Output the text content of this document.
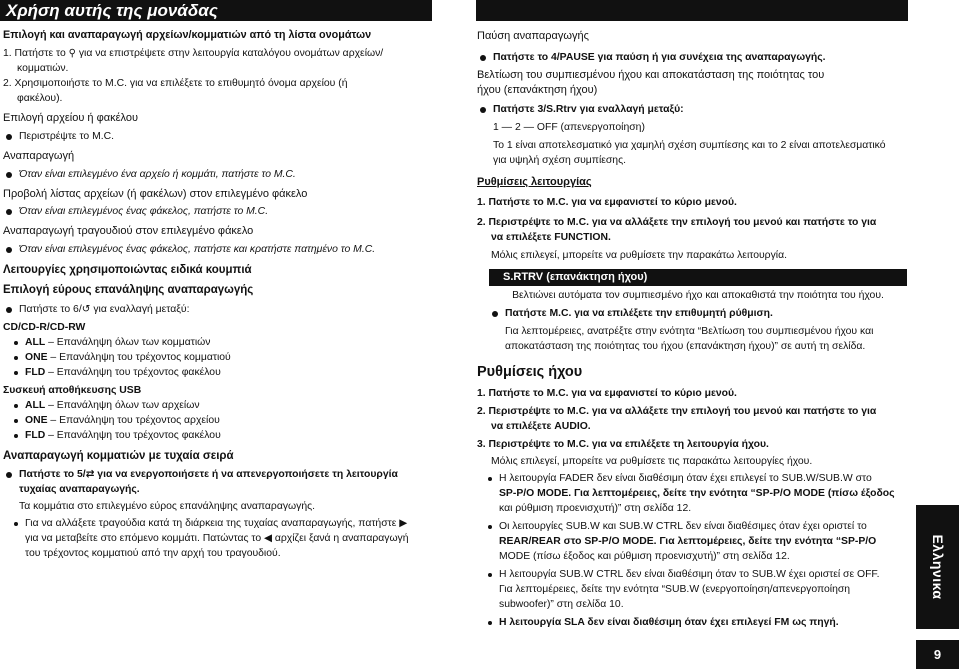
Χρήση αυτής της μονάδας
Επιλογή και αναπαραγωγή αρχείων/κομματιών από τη λίστα ονομάτων
1. Πατήστε το ⚲ για να επιστρέψετε στην λειτουργία καταλόγου ονομάτων αρχείων/
κομματιών.
2. Χρησιμοποιήστε το M.C. για να επιλέξετε το επιθυμητό όνομα αρχείου (ή
φακέλου).
Επιλογή αρχείου ή φακέλου
Περιστρέψτε το M.C.
Αναπαραγωγή
Όταν είναι επιλεγμένο ένα αρχείο ή κομμάτι, πατήστε το M.C.
Προβολή λίστας αρχείων (ή φακέλων) στον επιλεγμένο φάκελο
Όταν είναι επιλεγμένος ένας φάκελος, πατήστε το M.C.
Αναπαραγωγή τραγουδιού στον επιλεγμένο φάκελο
Όταν είναι επιλεγμένος ένας φάκελος, πατήστε και κρατήστε πατημένο το M.C.
Λειτουργίες χρησιμοποιώντας ειδικά κουμπιά
Επιλογή εύρους επανάληψης αναπαραγωγής
Πατήστε το 6/↺ για εναλλαγή μεταξύ:
CD/CD-R/CD-RW
ALL – Επανάληψη όλων των κομματιών
ONE – Επανάληψη του τρέχοντος κομματιού
FLD – Επανάληψη του τρέχοντος φακέλου
Συσκευή αποθήκευσης USB
ALL – Επανάληψη όλων των αρχείων
ONE – Επανάληψη του τρέχοντος αρχείου
FLD – Επανάληψη του τρέχοντος φακέλου
Αναπαραγωγή κομματιών με τυχαία σειρά
Πατήστε το 5/⇄ για να ενεργοποιήσετε ή να απενεργοποιήσετε τη λειτουργία
τυχαίας αναπαραγωγής.
Τα κομμάτια στο επιλεγμένο εύρος επανάληψης αναπαραγωγής.
Για να αλλάξετε τραγούδια κατά τη διάρκεια της τυχαίας αναπαραγωγής, πατήστε ▶
για να μεταβείτε στο επόμενο κομμάτι. Πατώντας το ◀ αρχίζει ξανά η αναπαραγωγή
του τρέχοντος κομματιού από την αρχή του τραγουδιού.
Παύση αναπαραγωγής
Πατήστε το 4/PAUSE για παύση ή για συνέχεια της αναπαραγωγής.
Βελτίωση του συμπιεσμένου ήχου και αποκατάσταση της ποιότητας του
ήχου (επανάκτηση ήχου)
Πατήστε 3/S.Rtrv για εναλλαγή μεταξύ:
1 — 2 — OFF (απενεργοποίηση)
Το 1 είναι αποτελεσματικό για χαμηλή σχέση συμπίεσης και το 2 είναι αποτελεσματικό
για υψηλή σχέση συμπίεσης.
Ρυθμίσεις λειτουργίας
1. Πατήστε το M.C. για να εμφανιστεί το κύριο μενού.
2. Περιστρέψτε το M.C. για να αλλάξετε την επιλογή του μενού και πατήστε το για
να επιλέξετε FUNCTION.
Μόλις επιλεγεί, μπορείτε να ρυθμίσετε την παρακάτω λειτουργία.
S.RTRV (επανάκτηση ήχου)
Βελτιώνει αυτόματα τον συμπιεσμένο ήχο και αποκαθιστά την ποιότητα του ήχου.
Πατήστε M.C. για να επιλέξετε την επιθυμητή ρύθμιση.
Για λεπτομέρειες, ανατρέξτε στην ενότητα “Βελτίωση του συμπιεσμένου ήχου και
αποκατάσταση της ποιότητας του ήχου (επανάκτηση ήχου)” σε αυτή τη σελίδα.
Ρυθμίσεις ήχου
1. Πατήστε το M.C. για να εμφανιστεί το κύριο μενού.
2. Περιστρέψτε το M.C. για να αλλάξετε την επιλογή του μενού και πατήστε το για
να επιλέξετε AUDIO.
3. Περιστρέψτε το M.C. για να επιλέξετε τη λειτουργία ήχου.
Μόλις επιλεγεί, μπορείτε να ρυθμίσετε τις παρακάτω λειτουργίες ήχου.
Η λειτουργία FADER δεν είναι διαθέσιμη όταν έχει επιλεγεί το SUB.W/SUB.W στο
SP-P/O MODE. Για λεπτομέρειες, δείτε την ενότητα “SP-P/O MODE (πίσω έξοδος
και ρύθμιση προενισχυτή)” στη σελίδα 12.
Οι λειτουργίες SUB.W και SUB.W CTRL δεν είναι διαθέσιμες όταν έχει οριστεί το
REAR/REAR στο SP-P/O MODE. Για λεπτομέρειες, δείτε την ενότητα “SP-P/O
MODE (πίσω έξοδος και ρύθμιση προενισχυτή)” στη σελίδα 12.
Η λειτουργία SUB.W CTRL δεν είναι διαθέσιμη όταν το SUB.W έχει οριστεί σε OFF.
Για λεπτομέρειες, δείτε την ενότητα “SUB.W (ενεργοποίηση/απενεργοποίηση
subwoofer)” στη σελίδα 10.
Η λειτουργία SLA δεν είναι διαθέσιμη όταν έχει επιλεγεί FM ως πηγή.
Ελληνικα
9
